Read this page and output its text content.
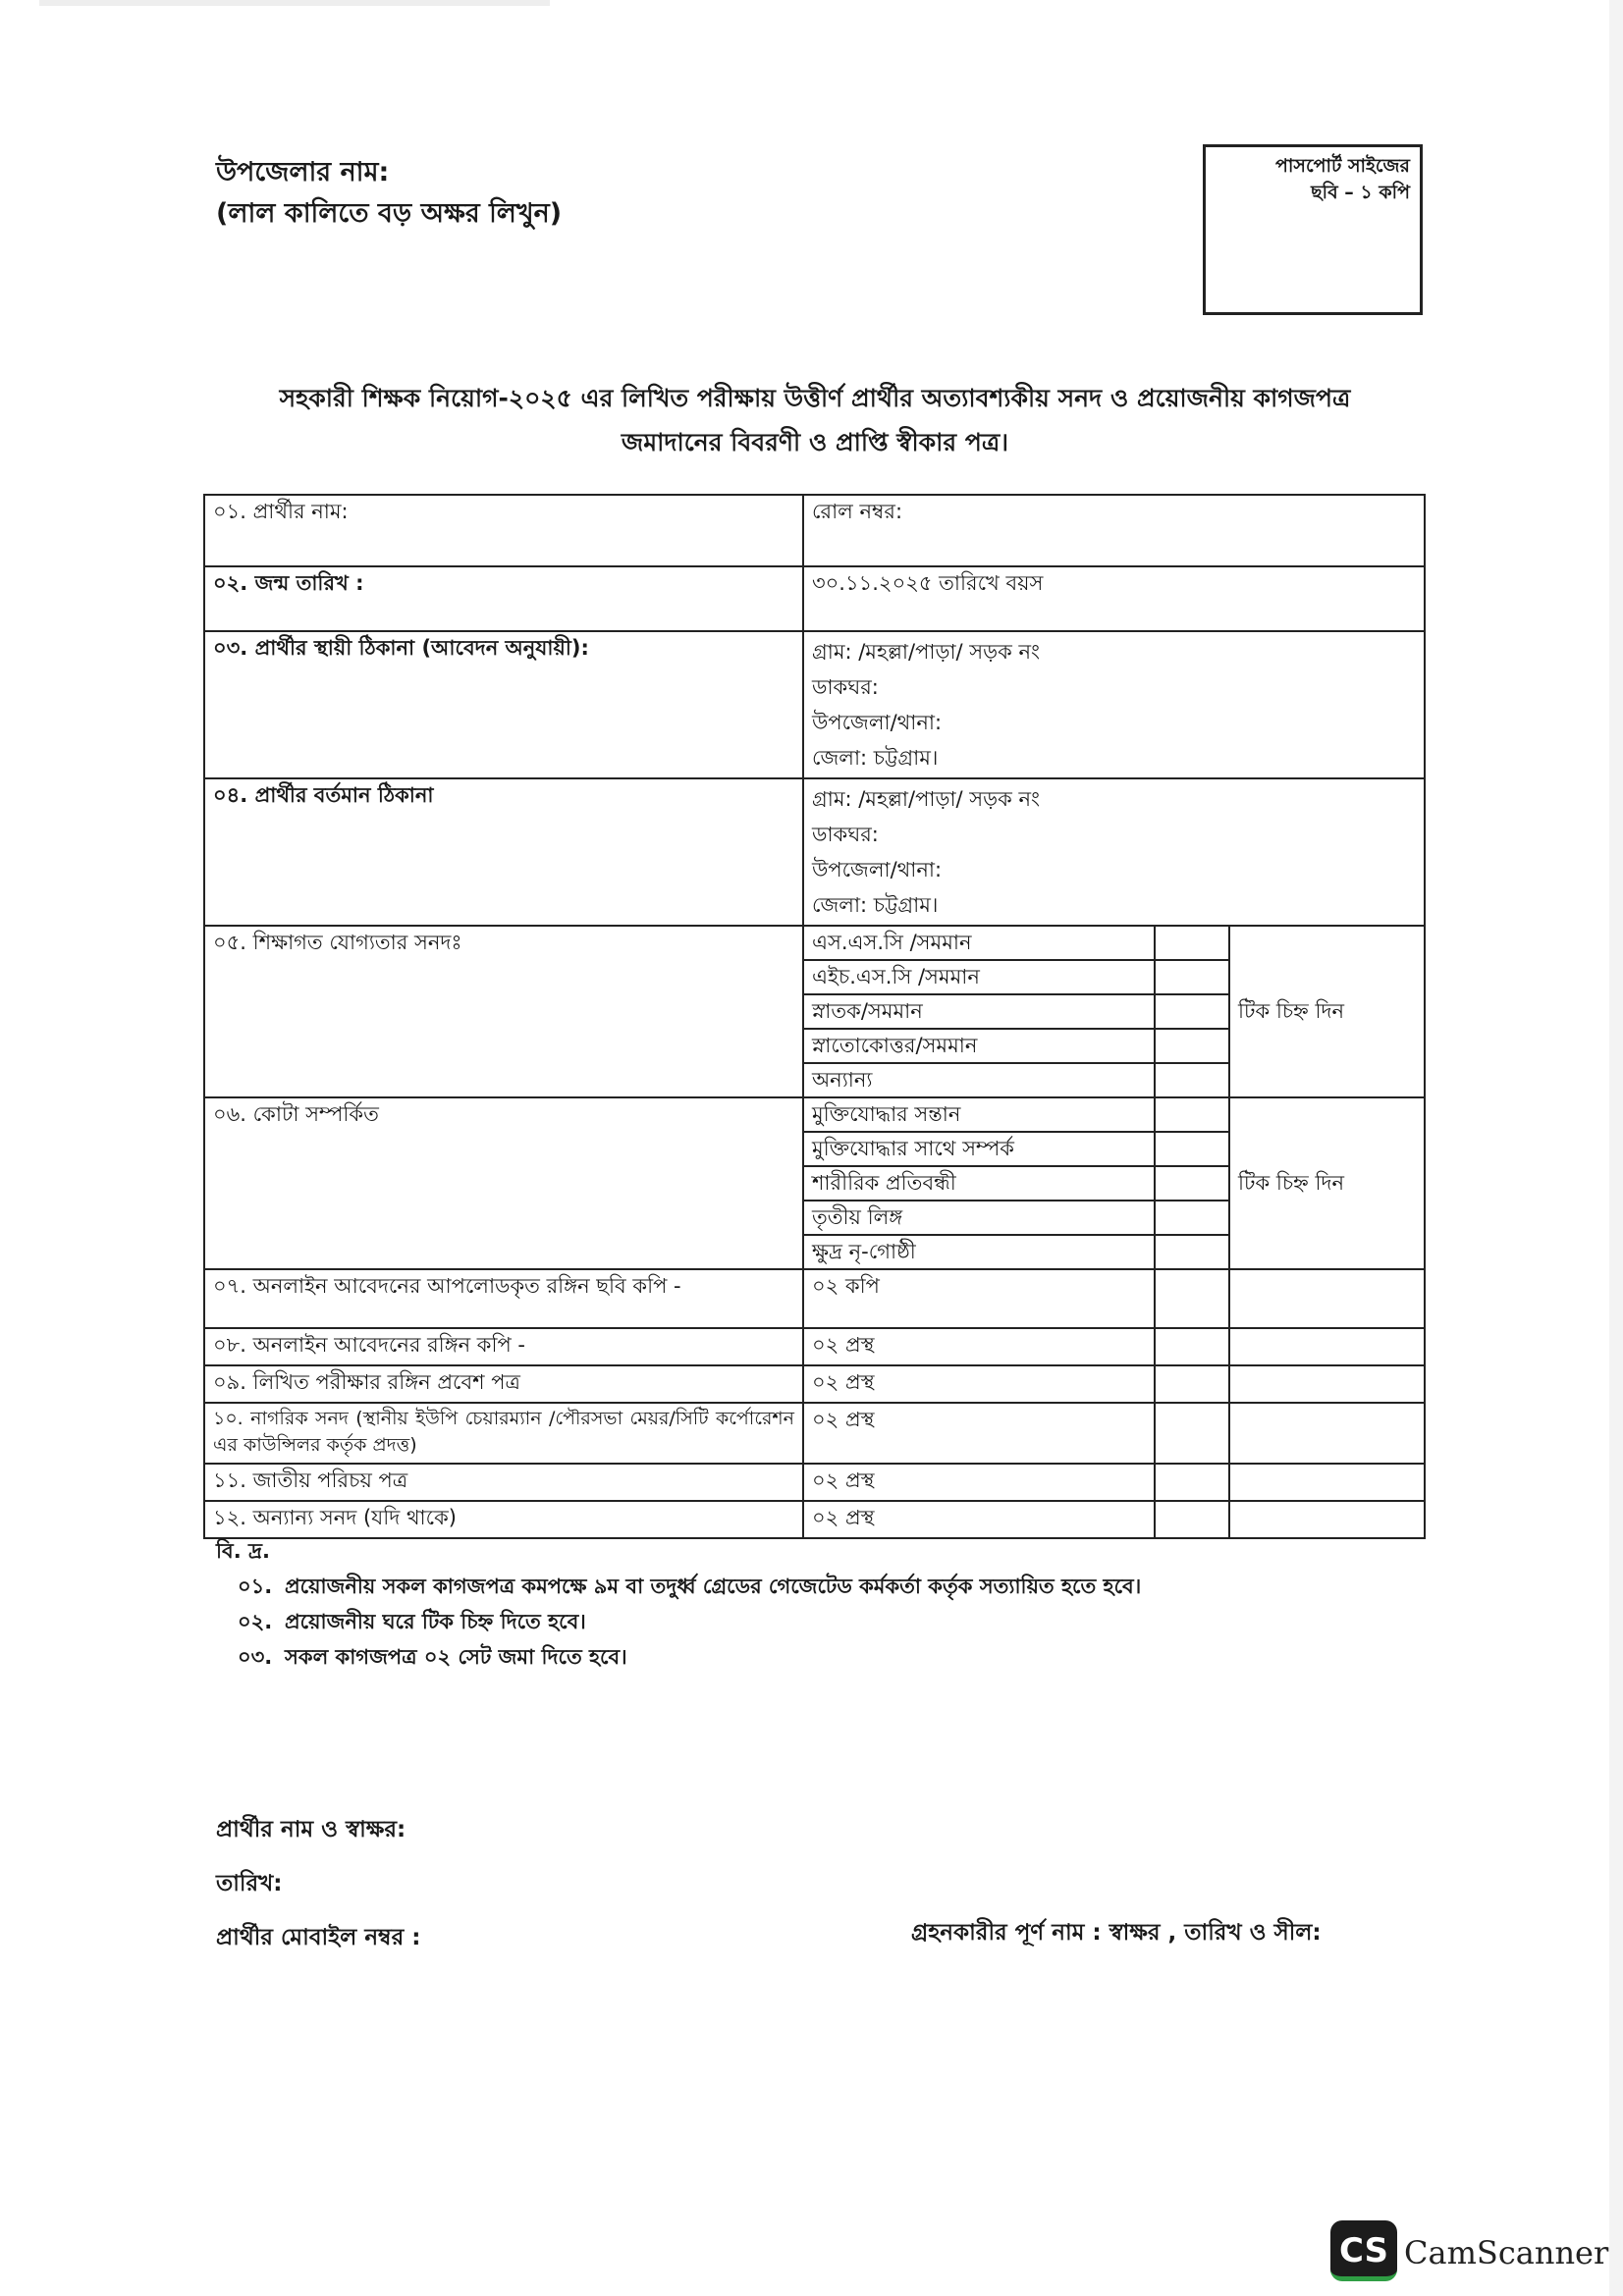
উপজেলার নাম:
(লাল কালিতে বড় অক্ষর লিখুন)
পাসপোর্ট সাইজের
ছবি – ১ কপি
সহকারী শিক্ষক নিয়োগ-২০২৫ এর লিখিত পরীক্ষায় উত্তীর্ণ প্রার্থীর অত্যাবশ্যকীয় সনদ ও প্রয়োজনীয় কাগজপত্র
জমাদানের বিবরণী ও প্রাপ্তি স্বীকার পত্র।
০১. প্রার্থীর নাম:	রোল নম্বর:		
০২. জন্ম তারিখ :	৩০.১১.২০২৫ তারিখে বয়স		
০৩. প্রার্থীর স্থায়ী ঠিকানা (আবেদন অনুযায়ী):	গ্রাম: /মহল্লা/পাড়া/ সড়ক নং
ডাকঘর:
উপজেলা/থানা:
জেলা: চট্টগ্রাম।		

০৪. প্রার্থীর বর্তমান ঠিকানা	গ্রাম: /মহল্লা/পাড়া/ সড়ক নং
ডাকঘর:
উপজেলা/থানা:
জেলা: চট্টগ্রাম।		

০৫. শিক্ষাগত যোগ্যতার সনদঃ	এস.এস.সি /সমমান		টিক চিহ্ন দিন
	এইচ.এস.সি /সমমান		
	স্নাতক/সমমান		
	স্নাতোকোত্তর/সমমান		
	অন্যান্য		
০৬. কোটা সম্পর্কিত	মুক্তিযোদ্ধার সন্তান		টিক চিহ্ন দিন
	মুক্তিযোদ্ধার সাথে সম্পর্ক		
	শারীরিক প্রতিবন্ধী		
	তৃতীয় লিঙ্গ		
	ক্ষুদ্র নৃ-গোষ্ঠী		
০৭. অনলাইন আবেদনের আপলোডকৃত রঙ্গিন ছবি কপি -	০২ কপি		
০৮. অনলাইন আবেদনের রঙ্গিন কপি -	০২ প্রস্থ		
০৯. লিখিত পরীক্ষার রঙ্গিন প্রবেশ পত্র	০২ প্রস্থ		
১০. নাগরিক সনদ (স্থানীয় ইউপি চেয়ারম্যান /পৌরসভা মেয়র/সিটি কর্পোরেশন এর কাউন্সিলর কর্তৃক প্রদত্ত)	০২ প্রস্থ		
১১. জাতীয় পরিচয় পত্র	০২ প্রস্থ		
১২. অন্যান্য সনদ (যদি থাকে)	০২ প্রস্থ		
বি. দ্র.
০১. প্রয়োজনীয় সকল কাগজপত্র কমপক্ষে ৯ম বা তদুর্ধ্ব গ্রেডের গেজেটেড কর্মকর্তা কর্তৃক সত্যায়িত হতে হবে।
০২. প্রয়োজনীয় ঘরে টিক চিহ্ন দিতে হবে।
০৩. সকল কাগজপত্র ০২ সেট জমা দিতে হবে।
প্রার্থীর নাম ও স্বাক্ষর:
তারিখ:
প্রার্থীর মোবাইল নম্বর :	গ্রহনকারীর পূর্ণ নাম : স্বাক্ষর , তারিখ ও সীল:
CS CamScanner
